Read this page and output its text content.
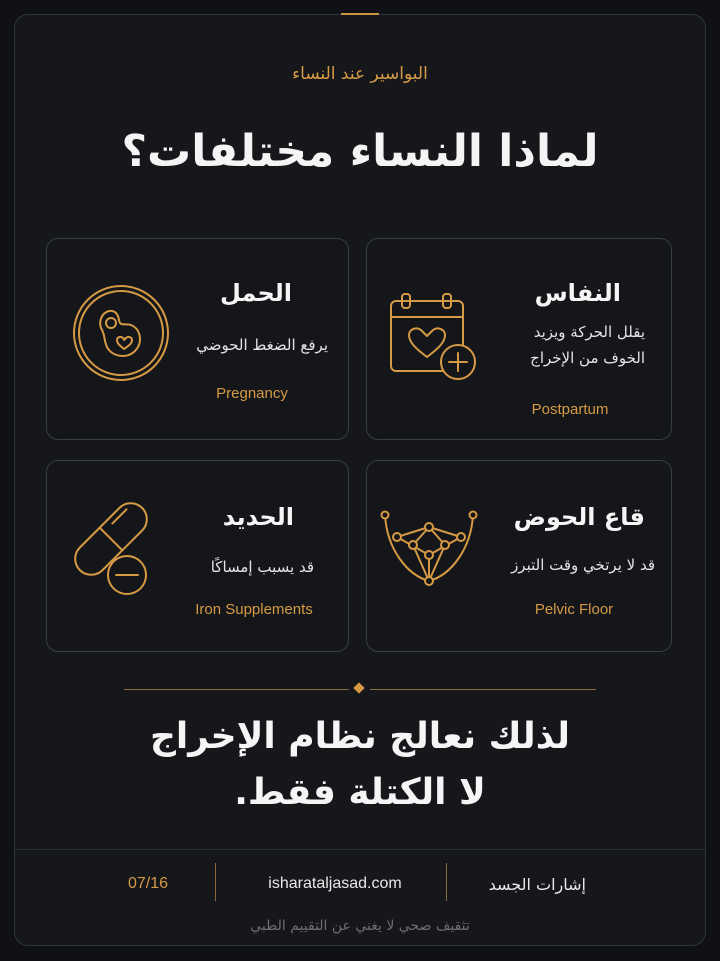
البواسير عند النساء
لماذا النساء مختلفات؟
النفاس
يقلل الحركة ويزيد
الخوف من الإخراج
Postpartum
الحمل
يرفع الضغط الحوضي
Pregnancy
قاع الحوض
قد لا يرتخي وقت التبرز
Pelvic Floor
الحديد
قد يسبب إمساكًا
Iron Supplements
لذلك نعالج نظام الإخراج
لا الكتلة فقط.
إشارات الجسد
isharataljasad.com
07/16
تثقيف صحي لا يغني عن التقييم الطبي
